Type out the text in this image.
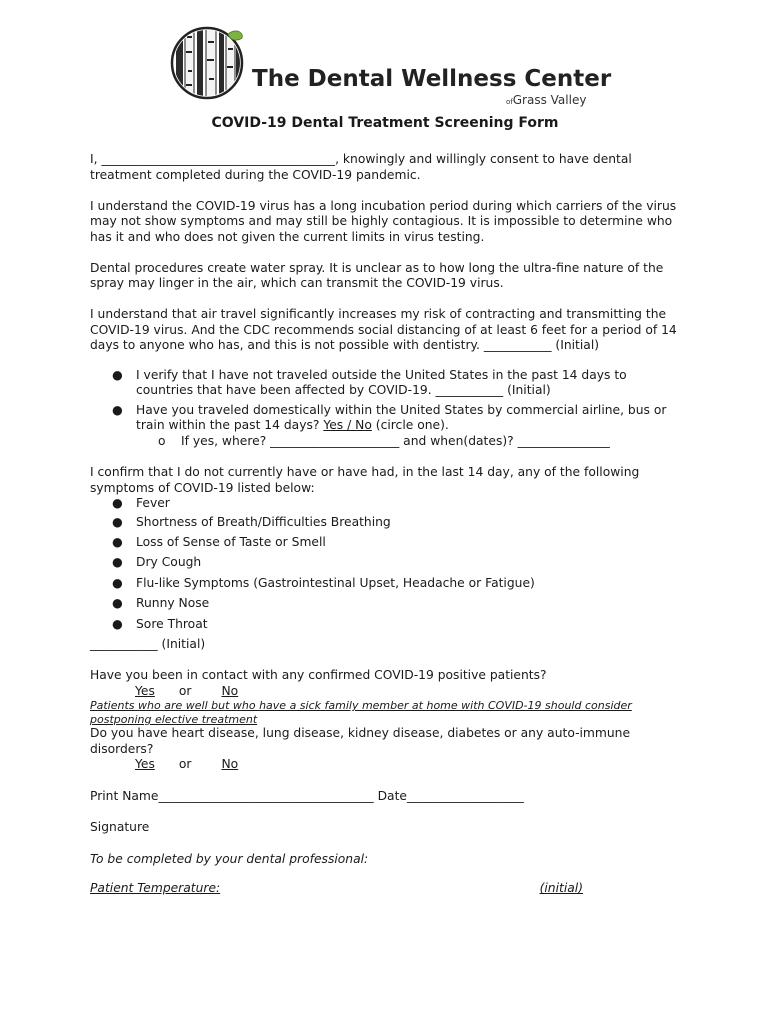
The Dental Wellness Center
ofGrass Valley
COVID-19 Dental Treatment Screening Form

I, ______________________________________, knowingly and willingly consent to have dental treatment completed during the COVID-19 pandemic.

I understand the COVID-19 virus has a long incubation period during which carriers of the virus may not show symptoms and may still be highly contagious. It is impossible to determine who has it and who does not given the current limits in virus testing.

Dental procedures create water spray. It is unclear as to how long the ultra-fine nature of the spray may linger in the air, which can transmit the COVID-19 virus.

I understand that air travel significantly increases my risk of contracting and transmitting the COVID-19 virus. And the CDC recommends social distancing of at least 6 feet for a period of 14 days to anyone who has, and this is not possible with dentistry. ___________ (Initial)

● I verify that I have not traveled outside the United States in the past 14 days to countries that have been affected by COVID-19. ___________ (Initial)
● Have you traveled domestically within the United States by commercial airline, bus or train within the past 14 days? Yes / No (circle one).
o If yes, where? _____________________ and when(dates)? _______________

I confirm that I do not currently have or have had, in the last 14 day, any of the following symptoms of COVID-19 listed below:

● Fever
● Shortness of Breath/Difficulties Breathing
● Loss of Sense of Taste or Smell
● Dry Cough
● Flu-like Symptoms (Gastrointestinal Upset, Headache or Fatigue)
● Runny Nose
● Sore Throat
___________ (Initial)

Have you been in contact with any confirmed COVID-19 positive patients?

Yes or No

Patients who are well but who have a sick family member at home with COVID-19 should consider postponing elective treatment

Do you have heart disease, lung disease, kidney disease, diabetes or any auto-immune disorders?

Yes or No

Print Name___________________________________ Date___________________

Signature

To be completed by your dental professional:

Patient Temperature:	(initial)
